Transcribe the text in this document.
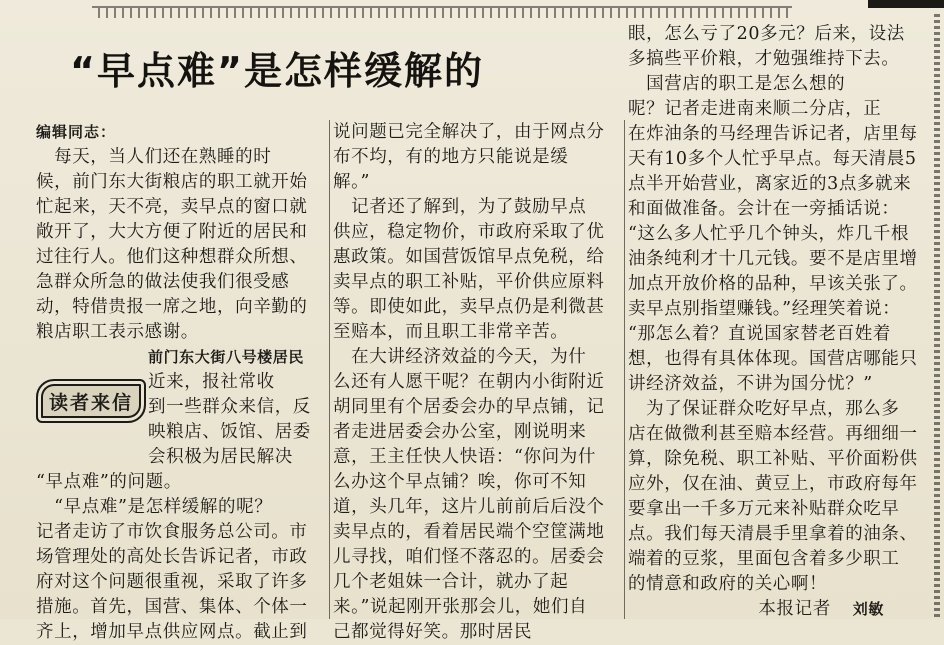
“早点难”是怎样缓解的
编辑同志：
　每天，当人们还在熟睡的时
候，前门东大街粮店的职工就开始
忙起来，天不亮，卖早点的窗口就
敞开了，大大方便了附近的居民和
过往行人。他们这种想群众所想、
急群众所急的做法使我们很受感
动，特借贵报一席之地，向辛勤的
粮店职工表示感谢。
前门东大街八号楼居民
近来，报社常收
到一些群众来信，反
映粮店、饭馆、居委
会积极为居民解决
“早点难”的问题。
　“早点难”是怎样缓解的呢？
记者走访了市饮食服务总公司。市
场管理处的高处长告诉记者，市政
府对这个问题很重视，采取了许多
措施。首先，国营、集体、个体一
齐上，增加早点供应网点。截止到
读者来信
说问题已完全解决了，由于网点分
布不均，有的地方只能说是缓
解。”
　记者还了解到，为了鼓励早点
供应，稳定物价，市政府采取了优
惠政策。如国营饭馆早点免税，给
卖早点的职工补贴，平价供应原料
等。即使如此，卖早点仍是利微甚
至赔本，而且职工非常辛苦。
　在大讲经济效益的今天，为什
么还有人愿干呢？在朝内小街附近
胡同里有个居委会办的早点铺，记
者走进居委会办公室，刚说明来
意，王主任快人快语：“你问为什
么办这个早点铺？唉，你可不知
道，头几年，这片儿前前后后没个
卖早点的，看着居民端个空筐满地
儿寻找，咱们怪不落忍的。居委会
几个老姐妹一合计，就办了起
来。”说起刚开张那会儿，她们自
己都觉得好笑。那时居民
眼，怎么亏了20多元？后来，设法
多搞些平价粮，才勉强维持下去。
　国营店的职工是怎么想的
呢？记者走进南来顺二分店，正
在炸油条的马经理告诉记者，店里每
天有10多个人忙乎早点。每天清晨5
点半开始营业，离家近的3点多就来
和面做准备。会计在一旁插话说：
“这么多人忙乎几个钟头，炸几千根
油条纯利才十几元钱。要不是店里增
加点开放价格的品种，早该关张了。
卖早点别指望赚钱。”经理笑着说：
“那怎么着？直说国家替老百姓着
想，也得有具体体现。国营店哪能只
讲经济效益，不讲为国分忧？”
　为了保证群众吃好早点，那么多
店在做微利甚至赔本经营。再细细一
算，除免税、职工补贴、平价面粉供
应外，仅在油、黄豆上，市政府每年
要拿出一千多万元来补贴群众吃早
点。我们每天清晨手里拿着的油条、
端着的豆浆，里面包含着多少职工
的情意和政府的关心啊！
本报记者 刘敏
